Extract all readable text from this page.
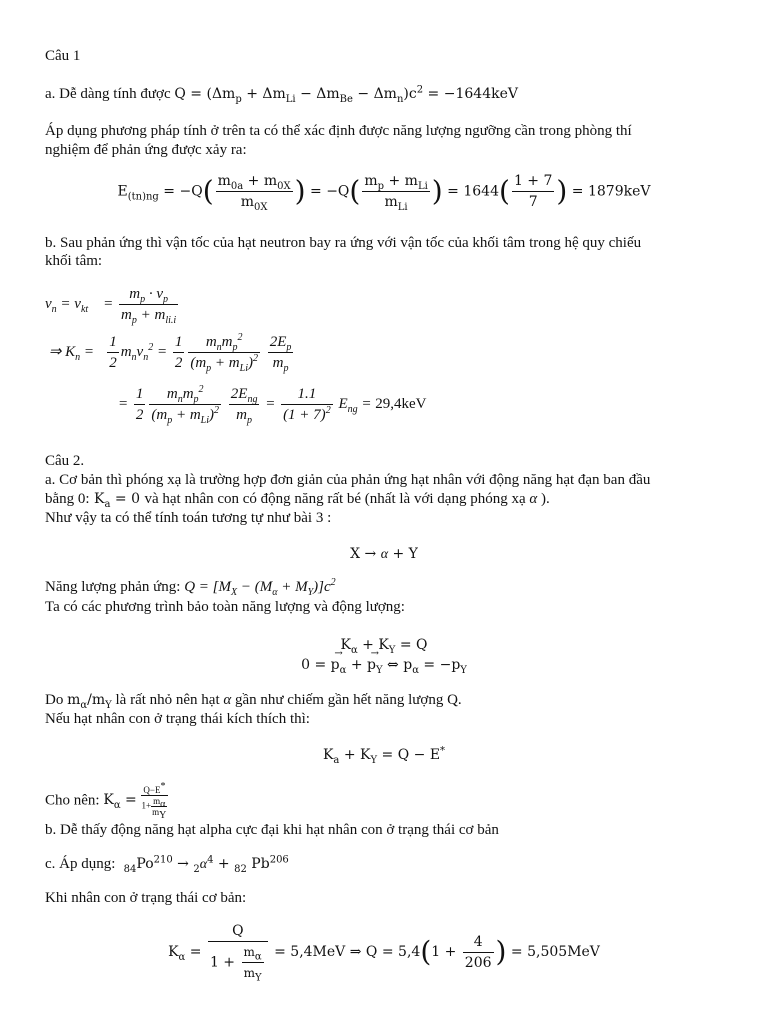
Câu 1
a. Dễ dàng tính được $Q = (\Delta m_p + \Delta m_{Li} - \Delta m_{Be} - \Delta m_n)c^2 = -1644keV$
Áp dụng phương pháp tính ở trên ta có thể xác định được năng lượng ngưỡng cần trong phòng thí
nghiệm để phản ứng được xảy ra:
$E_{(tn)ng} = -Q( \frac{m_{0a} + m_{0X}}{m_{0X}}$ ) = $-Q( \frac{m_p + m_{Li}}{m_{Li}}$ ) = $1644( \frac{1 + 7}{7}$ ) = 1879keV
b. Sau phản ứng thì vận tốc của hạt neutron bay ra ứng với vận tốc của khối tâm trong hệ quy chiếu
khối tâm:
$v_n = v_{kt}$    = $\frac{m_p \cdot v_p}{m_p + m_{li.i}}$
⇒ $K_n = \frac{1}{2} m_nv_n^2 = \frac{1}{2} \frac{m_nm_p^2}{(m_p + m_{Li})^2}$
$\frac{2E_p}{m_p}$
= $\frac{1}{2} \frac{m_nm_p^2}{(m_p + m_{Li})^2}$
$\frac{2E_{ng}}{m_p} = \frac{1.1}{(1 + 7)^2} E_{ng} = 29,4keV$
Câu 2.
a. Cơ bản thì phóng xạ là trường hợp đơn giản của phản ứng hạt nhân với động năng hạt đạn ban đầu
bằng 0: $K_a = 0$ và hạt nhân con có động năng rất bé (nhất là với dạng phóng xạ α ).
Như vậy ta có thể tính toán tương tự như bài 3 :
X → α + Y
Năng lượng phản ứng: $Q = [M_X - (M_\alpha + M_Y)]c^2$
Ta có các phương trình bảo toàn năng lượng và động lượng:
$K_\alpha + K_Y = Q$
$0 = p_\alpha$ → + $p_Y$ → ⇔ $p_\alpha = -p_Y$
Do $m_\alpha/m_Y$ là rất nhỏ nên hạt α gần như chiếm gần hết năng lượng Q.
Nếu hạt nhân con ở trạng thái kích thích thì:
$K_a + K_Y = Q - E^*$
Cho nên: $K_\alpha$ =
Q−E*
$1+ \frac{m_\alpha}{m_Y}$
b. Dễ thấy động năng hạt alpha cực đại khi hạt nhân con ở trạng thái cơ bản
c. Áp dụng: $_{84}Po^{210} \to _2\alpha^4 + _{82}$ Pb$^{206}$
Khi nhân con ở trạng thái cơ bản:
$K_\alpha = \frac{Q}{1 + \frac{m_\alpha}{m_Y}} = 5,4MeV$ ⇒ $Q = 5,4(1 + \frac{4}{206}$ ) = 5,505MeV
